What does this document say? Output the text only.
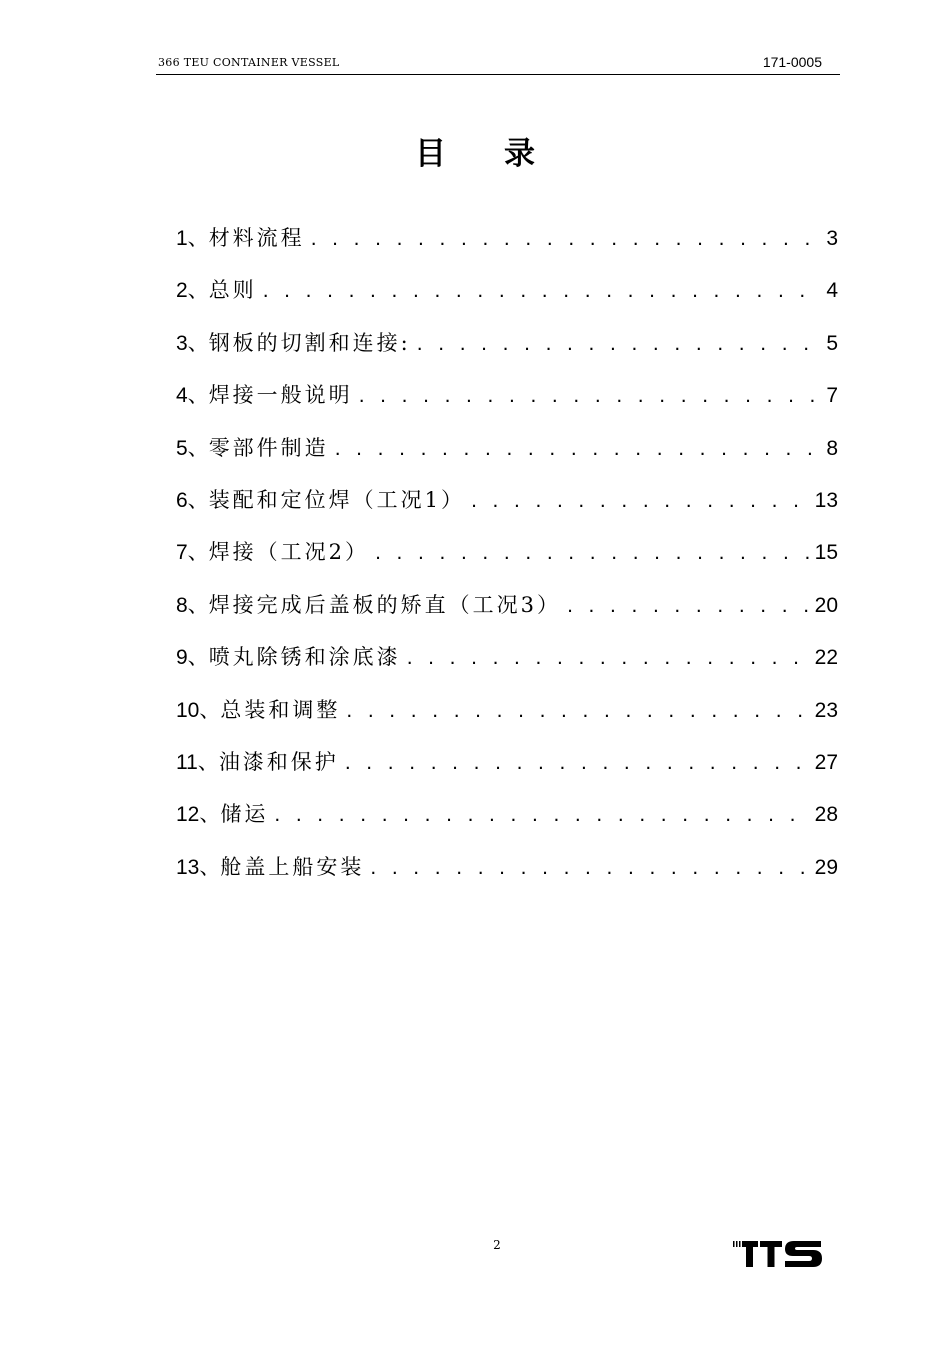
366 TEU CONTAINER VESSEL	171-0005
目录
1、 材料流程 . . .	3
2、 总则 . . .	4
3、 钢板的切割和连接: . . .	5
4、 焊接一般说明 . . .	7
5、 零部件制造 . . .	8
6、 装配和定位焊（工况1） . . .	13
7、 焊接（工况2） . . .	15
8、 焊接完成后盖板的矫直（工况3） . . .	20
9、 喷丸除锈和涂底漆 . . .	22
10、 总装和调整 . . .	23
11、 油漆和保护 . . .	27
12、 储运 . . .	28
13、 舱盖上船安装 . . .	29
2
